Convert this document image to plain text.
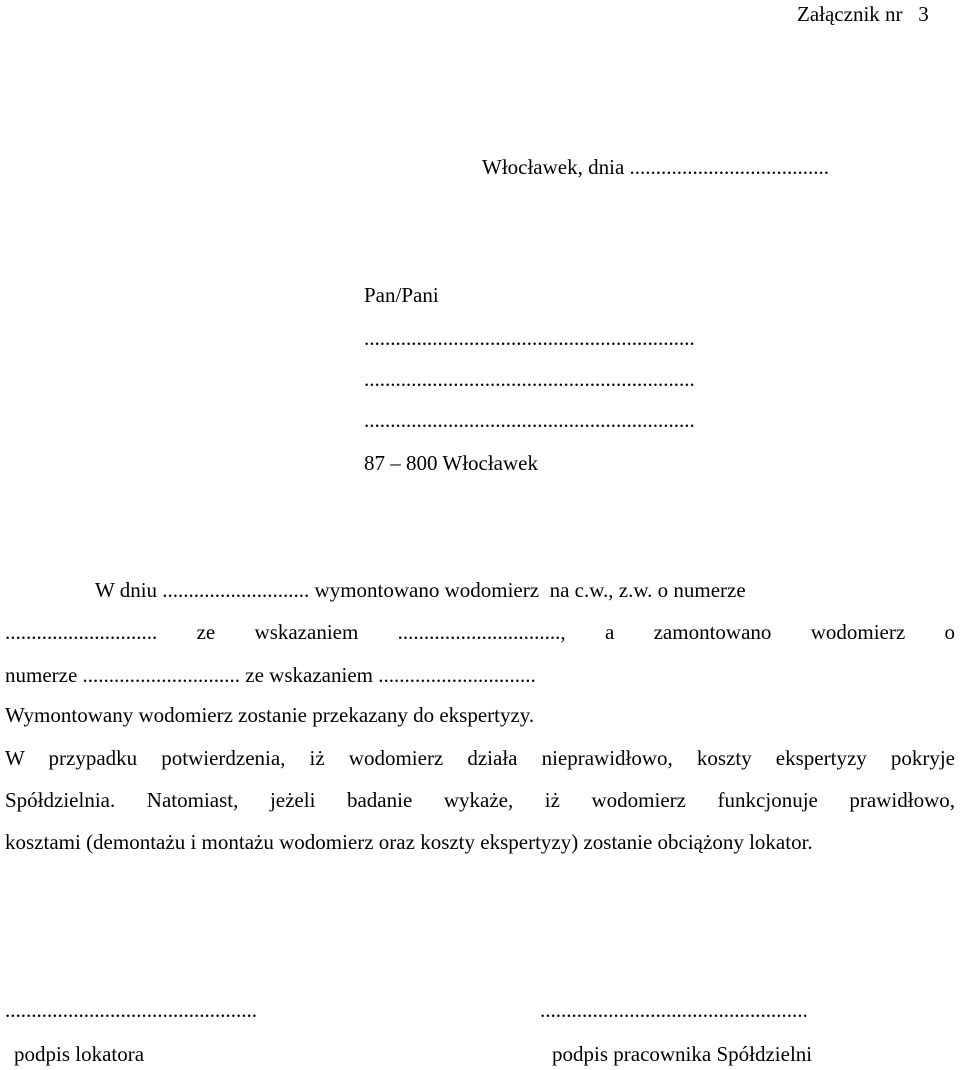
Załącznik nr   3
Włocławek, dnia ......................................
Pan/Pani
...............................................................
...............................................................
...............................................................
87 – 800 Włocławek
W dniu ............................ wymontowano wodomierz  na c.w., z.w. o numerze
............................. ze wskazaniem ..............................., a zamontowano wodomierz o
numerze .............................. ze wskazaniem ..............................
Wymontowany wodomierz zostanie przekazany do ekspertyzy.
W przypadku potwierdzenia, iż wodomierz działa nieprawidłowo, koszty ekspertyzy pokryje
Spółdzielnia. Natomiast, jeżeli badanie wykaże, iż wodomierz funkcjonuje prawidłowo,
kosztami (demontażu i montażu wodomierz oraz koszty ekspertyzy) zostanie obciążony lokator.
................................................
podpis lokatora
...................................................
podpis pracownika Spółdzielni
